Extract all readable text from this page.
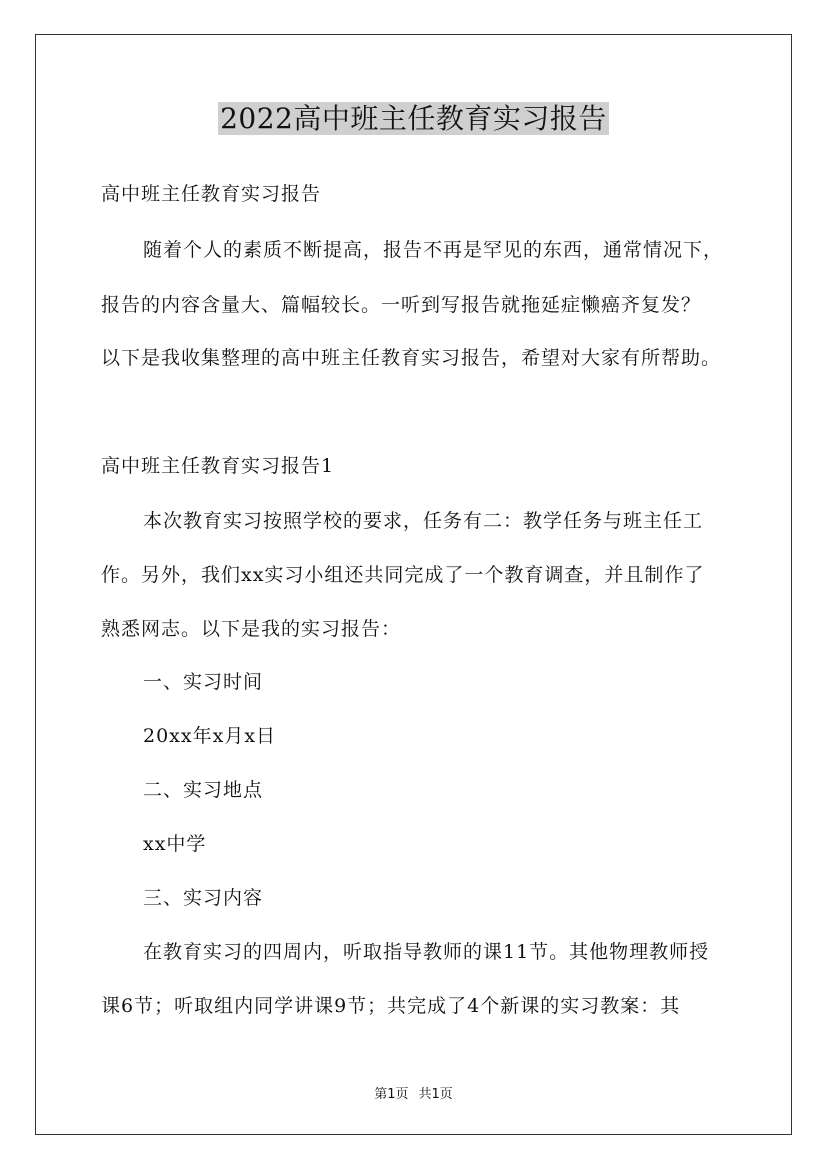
2022高中班主任教育实习报告
高中班主任教育实习报告
随着个人的素质不断提高，报告不再是罕见的东西，通常情况下，
报告的内容含量大、篇幅较长。一听到写报告就拖延症懒癌齐复发？
以下是我收集整理的高中班主任教育实习报告，希望对大家有所帮助。
高中班主任教育实习报告1
本次教育实习按照学校的要求，任务有二：教学任务与班主任工
作。另外，我们xx实习小组还共同完成了一个教育调查，并且制作了
熟悉网志。以下是我的实习报告：
一、实习时间
20xx年x月x日
二、实习地点
xx中学
三、实习内容
在教育实习的四周内，听取指导教师的课11节。其他物理教师授
课6节；听取组内同学讲课9节；共完成了4个新课的实习教案：其
第1页 共1页
